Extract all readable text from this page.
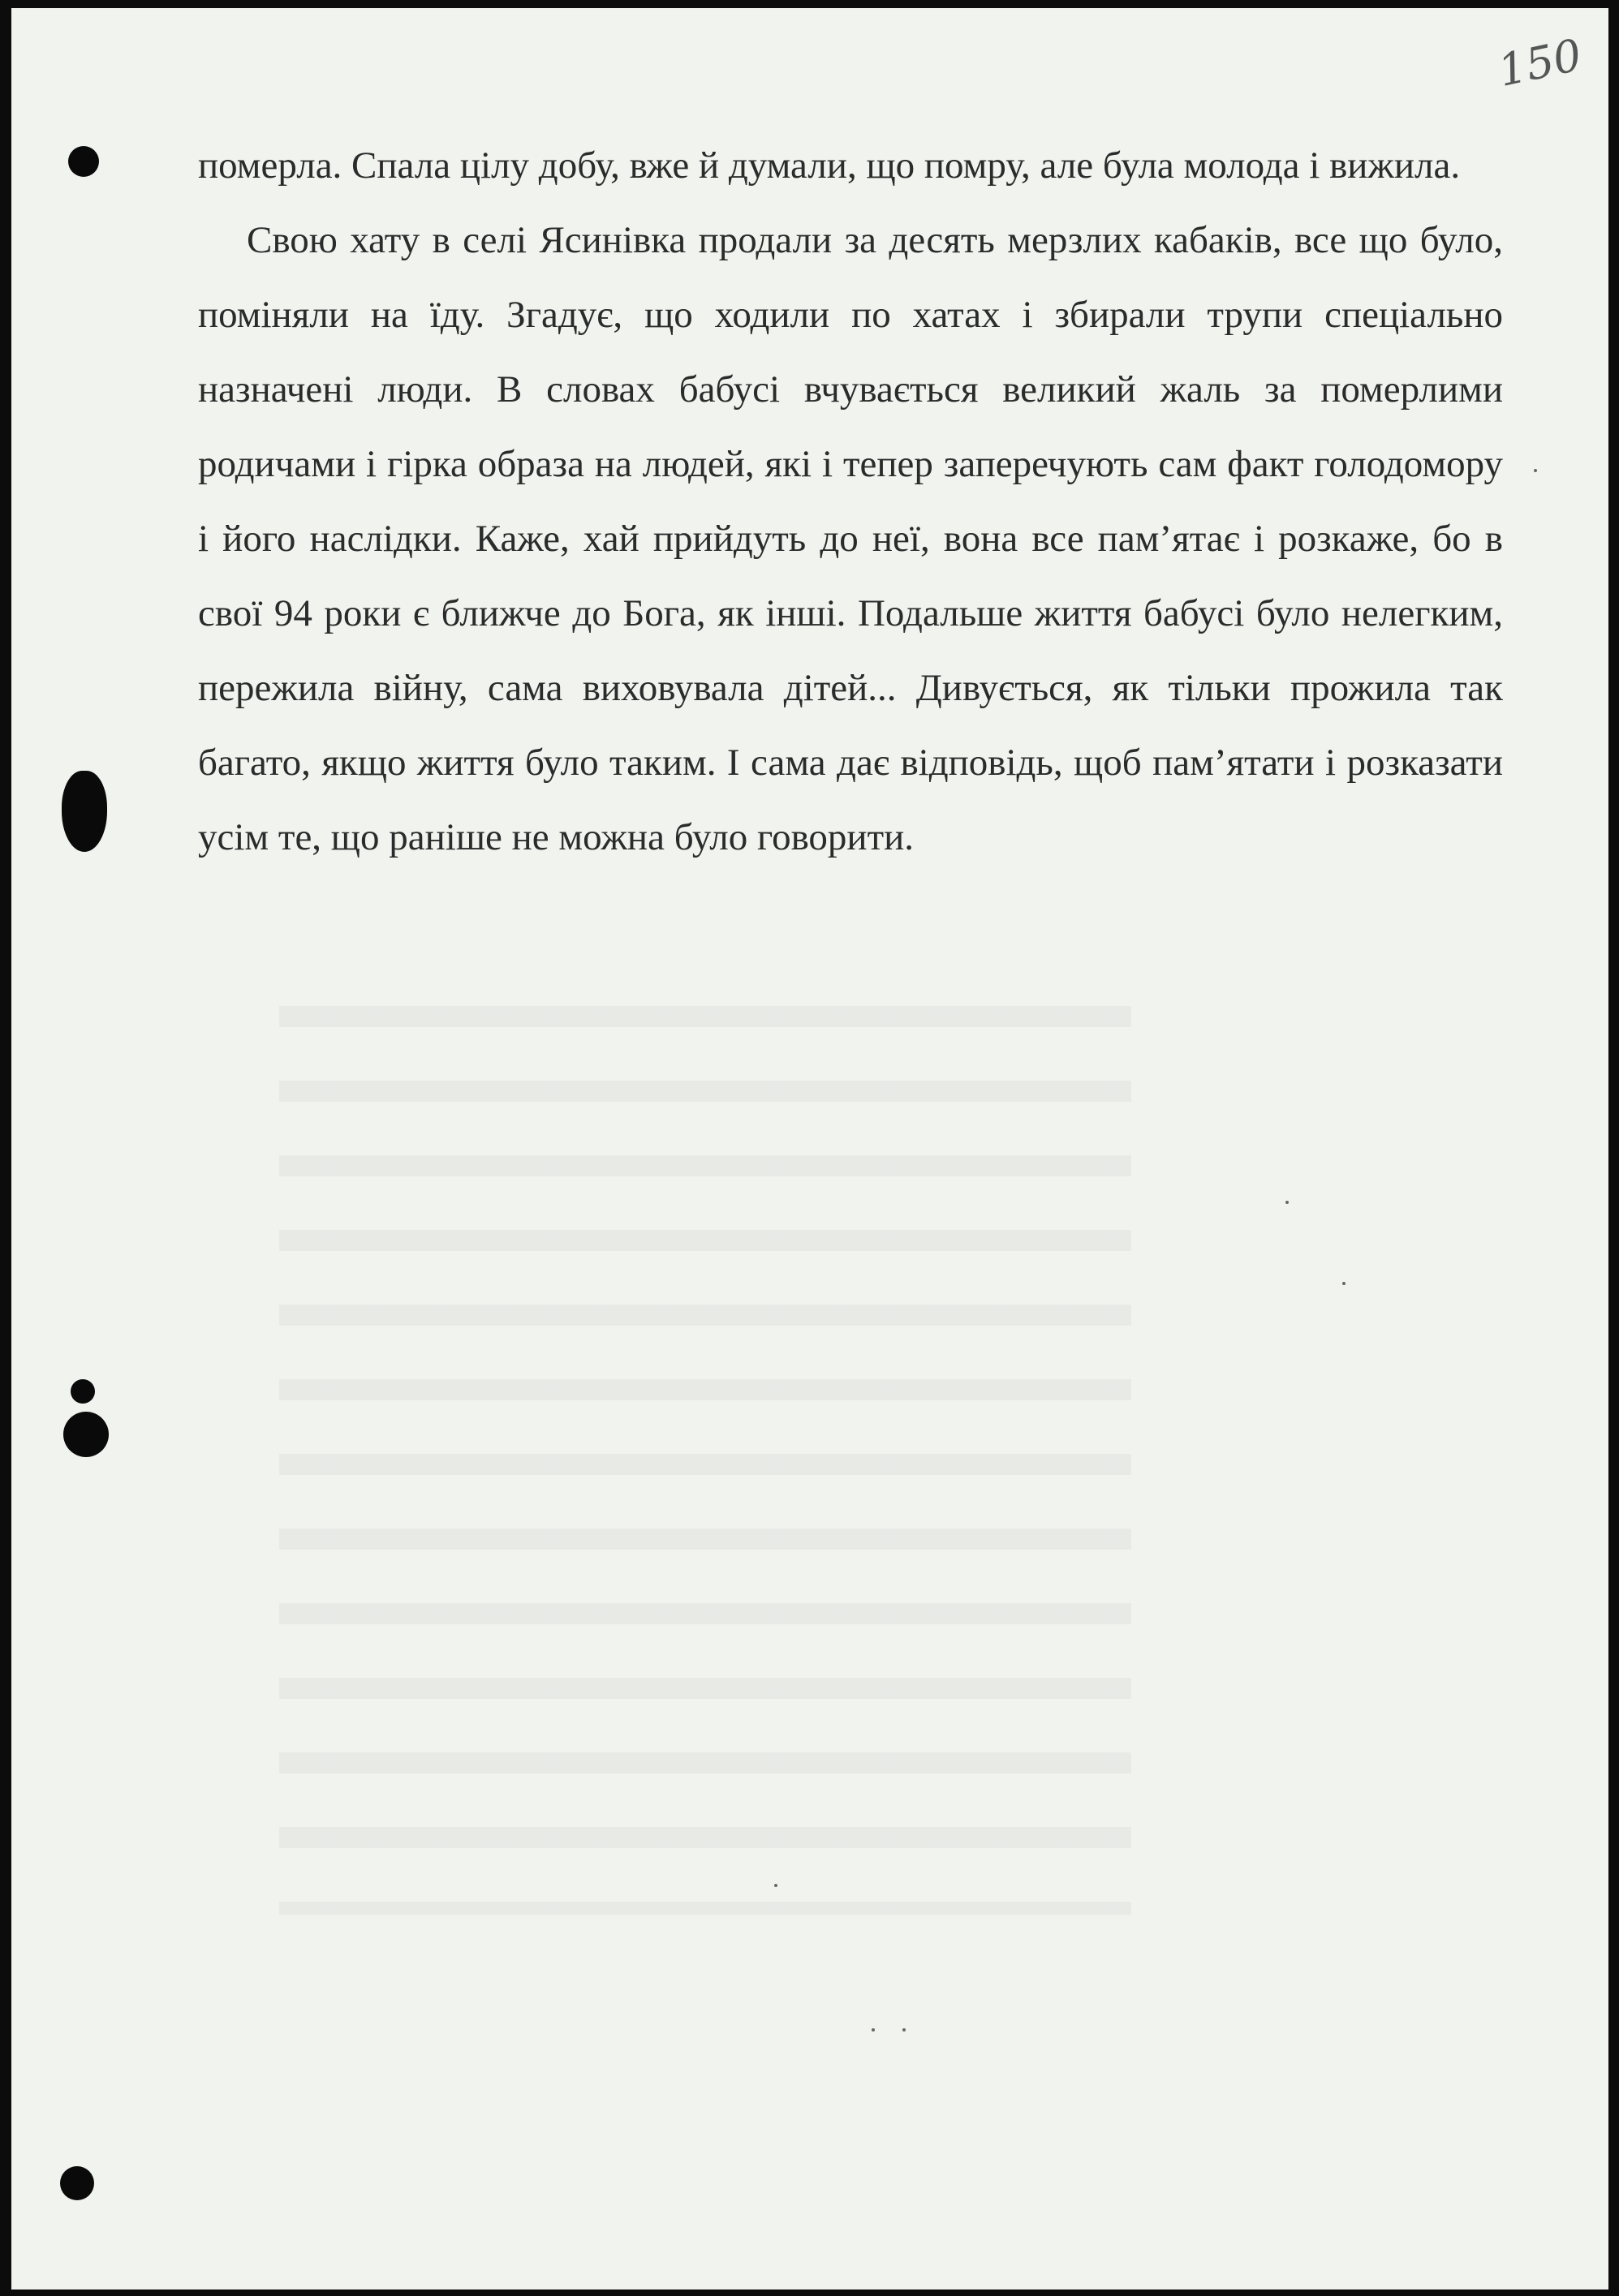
150

померла. Спала цілу добу, вже й думали, що помру, але була молода і вижила.

Свою хату в селі Ясинівка продали за десять мерзлих кабаків, все що було, поміняли на їду. Згадує, що ходили по хатах і збирали трупи спеціально назначені люди. В словах бабусі вчувається великий жаль за померлими родичами і гірка образа на людей, які і тепер заперечують сам факт голодомору і його наслідки. Каже, хай прийдуть до неї, вона все пам’ятає і розкаже, бо в свої 94 роки є ближче до Бога, як інші. Подальше життя бабусі було нелегким, пережила війну, сама виховувала дітей... Дивується, як тільки прожила так багато, якщо життя було таким. І сама дає відповідь, щоб пам’ятати і розказати усім те, що раніше не можна було говорити.
